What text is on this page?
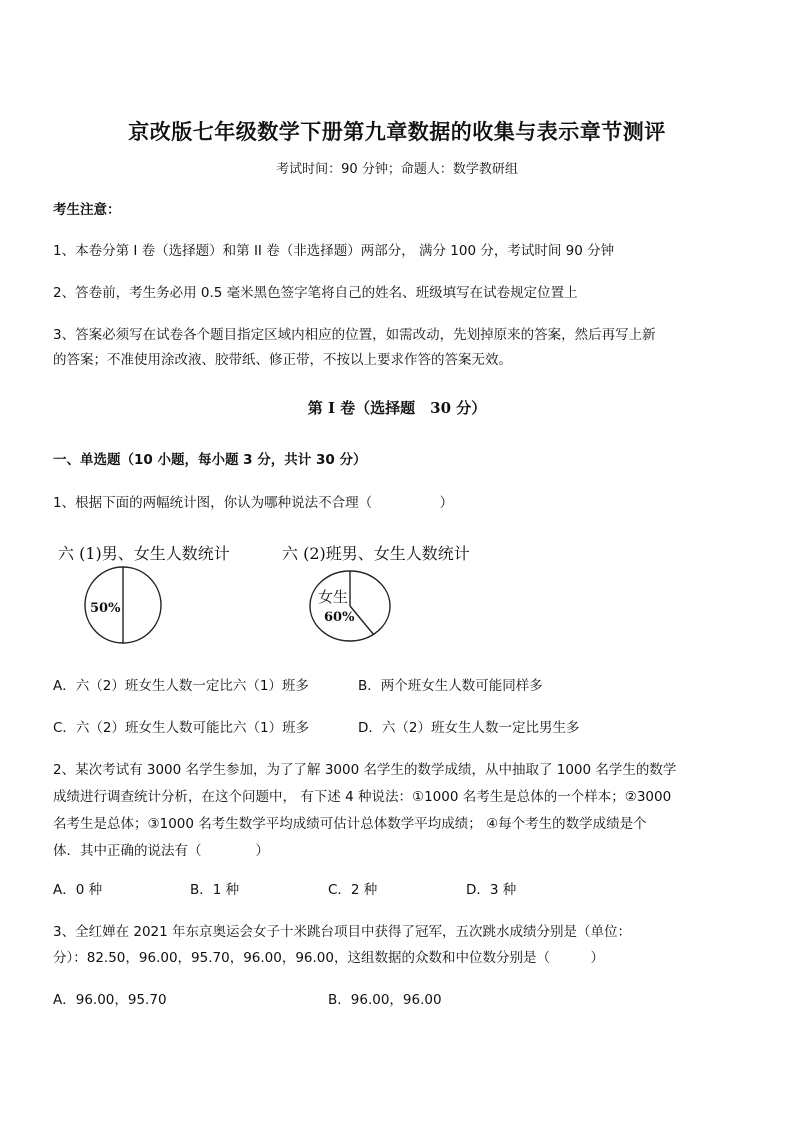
京改版七年级数学下册第九章数据的收集与表示章节测评
考试时间：90 分钟；命题人：数学教研组
考生注意：
1、本卷分第 I 卷（选择题）和第 II 卷（非选择题）两部分， 满分 100 分，考试时间 90 分钟
2、答卷前，考生务必用 0.5 毫米黑色签字笔将自己的姓名、班级填写在试卷规定位置上
3、答案必须写在试卷各个题目指定区域内相应的位置，如需改动，先划掉原来的答案，然后再写上新
的答案；不准使用涂改液、胶带纸、修正带，不按以上要求作答的答案无效。
第 I 卷（选择题　30 分）
一、单选题（10 小题，每小题 3 分，共计 30 分）
1、根据下面的两幅统计图，你认为哪种说法不合理（　　　　　）
六 (1)男、女生人数统计
50%
六 (2)班男、女生人数统计
女生
60%
A．六（2）班女生人数一定比六（1）班多	B．两个班女生人数可能同样多
C．六（2）班女生人数可能比六（1）班多	D．六（2）班女生人数一定比男生多
2、某次考试有 3000 名学生参加，为了了解 3000 名学生的数学成绩，从中抽取了 1000 名学生的数学
成绩进行调查统计分析，在这个问题中， 有下述 4 种说法：①1000 名考生是总体的一个样本；②3000
名考生是总体；③1000 名考生数学平均成绩可估计总体数学平均成绩； ④每个考生的数学成绩是个
体．其中正确的说法有（　　　　）
A．0 种	B．1 种	C．2 种	D．3 种
3、全红婵在 2021 年东京奥运会女子十米跳台项目中获得了冠军，五次跳水成绩分别是（单位：
分）：82.50，96.00，95.70，96.00，96.00，这组数据的众数和中位数分别是（　　　）
A．96.00，95.70	B．96.00，96.00
